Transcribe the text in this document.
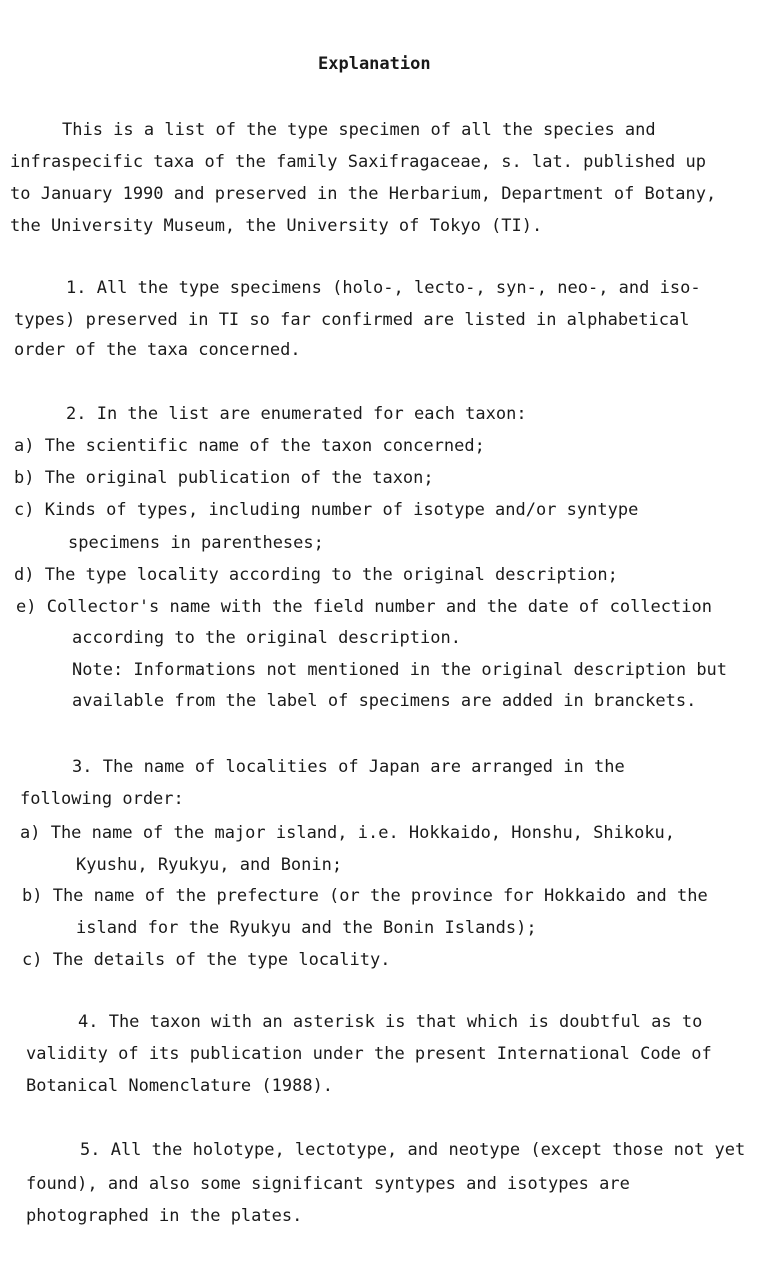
Explanation
This is a list of the type specimen of all the species and
infraspecific taxa of the family Saxifragaceae, s. lat. published up
to January 1990 and preserved in the Herbarium, Department of Botany,
the University Museum, the University of Tokyo (TI).
1. All the type specimens (holo-, lecto-, syn-, neo-, and iso-
types) preserved in TI so far confirmed are listed in alphabetical
order of the taxa concerned.
2. In the list are enumerated for each taxon:
a) The scientific name of the taxon concerned;
b) The original publication of the taxon;
c) Kinds of types, including number of isotype and/or syntype
specimens in parentheses;
d) The type locality according to the original description;
e) Collector's name with the field number and the date of collection
according to the original description.
Note: Informations not mentioned in the original description but
available from the label of specimens are added in branckets.
3. The name of localities of Japan are arranged in the
following order:
a) The name of the major island, i.e. Hokkaido, Honshu, Shikoku,
Kyushu, Ryukyu, and Bonin;
b) The name of the prefecture (or the province for Hokkaido and the
island for the Ryukyu and the Bonin Islands);
c) The details of the type locality.
4. The taxon with an asterisk is that which is doubtful as to
validity of its publication under the present International Code of
Botanical Nomenclature (1988).
5. All the holotype, lectotype, and neotype (except those not yet
found), and also some significant syntypes and isotypes are
photographed in the plates.
